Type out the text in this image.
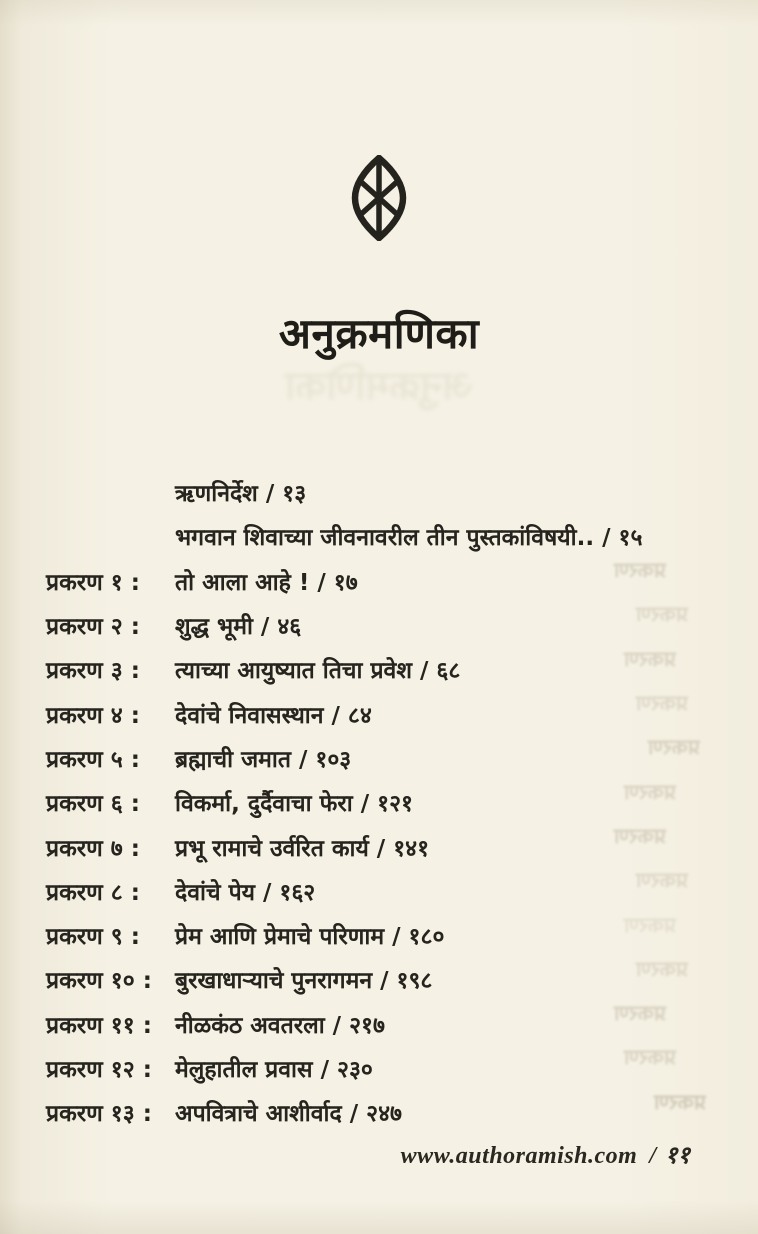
अनुक्रमणिका
अनुक्रमणिका
ऋणनिर्देश / १३
भगवान शिवाच्या जीवनावरील तीन पुस्तकांविषयी.. / १५
प्रकरण १ :	तो आला आहे ! / १७
प्रकरण २ :	शुद्ध भूमी / ४६
प्रकरण ३ :	त्याच्या आयुष्यात तिचा प्रवेश / ६८
प्रकरण ४ :	देवांचे निवासस्थान / ८४
प्रकरण ५ :	ब्रह्माची जमात / १०३
प्रकरण ६ :	विकर्मा, दुर्दैवाचा फेरा / १२१
प्रकरण ७ :	प्रभू रामाचे उर्वरित कार्य / १४१
प्रकरण ८ :	देवांचे पेय / १६२
प्रकरण ९ :	प्रेम आणि प्रेमाचे परिणाम / १८०
प्रकरण १० :	बुरखाधाऱ्याचे पुनरागमन / १९८
प्रकरण ११ :	नीळकंठ अवतरला / २१७
प्रकरण १२ :	मेलुहातील प्रवास / २३०
प्रकरण १३ :	अपवित्राचे आशीर्वाद / २४७
प्रकरण
प्रकरण
प्रकरण
प्रकरण
प्रकरण
प्रकरण
प्रकरण
प्रकरण
प्रकरण
प्रकरण
प्रकरण
प्रकरण
प्रकरण
www.authoramish.com / ११
